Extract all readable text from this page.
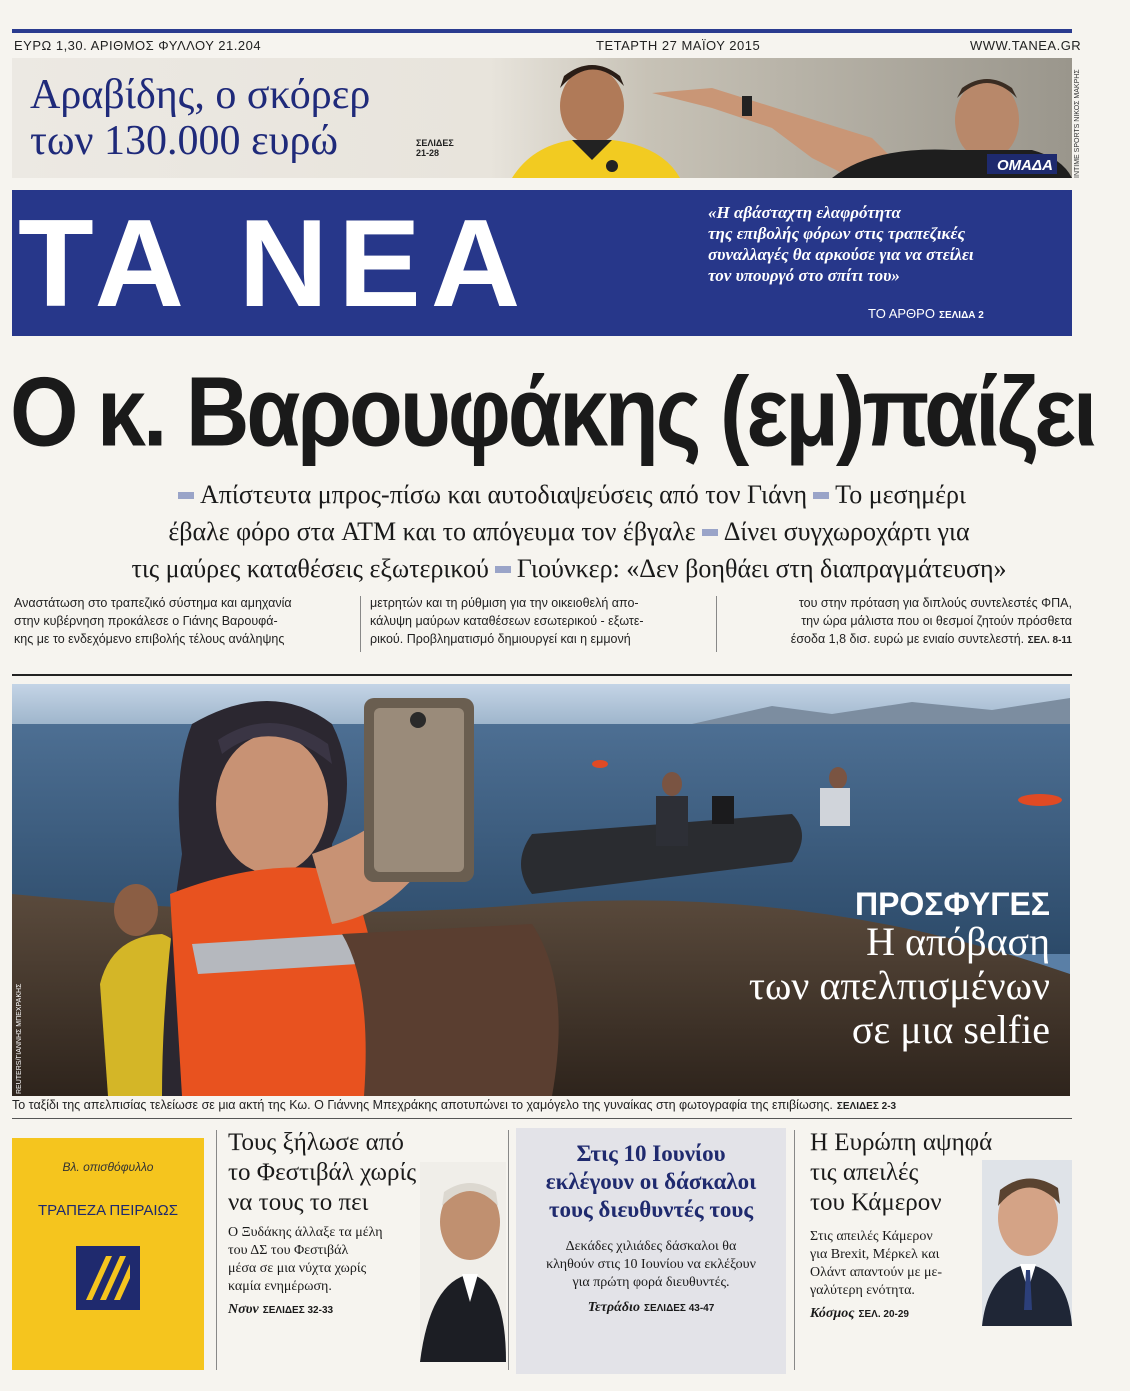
ΕΥΡΩ 1,30. ΑΡΙΘΜΟΣ ΦΥΛΛΟΥ 21.204	ΤΕΤΑΡΤΗ 27 ΜΑΪΟΥ 2015	WWW.TANEA.GR
ΟΜΑΔΑ
Αραβίδης, ο σκόρερ
των 130.000 ευρώ	ΣΕΛΙΔΕΣ
21-28	INTIME SPORTS ΝΙΚΟΣ ΜΑΚΡΗΣ
ΤΑ ΝΕΑ	«Η αβάσταχτη ελαφρότητα
της επιβολής φόρων στις τραπεζικές
συναλλαγές θα αρκούσε για να στείλει
τον υπουργό στο σπίτι του»
ΤΟ ΑΡΘΡΟ ΣΕΛΙΔΑ 2
Ο κ. Βαρουφάκης (εμ)παίζει
Απίστευτα μπρος-πίσω και αυτοδιαψεύσεις από τον Γιάνη Το μεσημέρι
έβαλε φόρο στα ATM και το απόγευμα τον έβγαλε Δίνει συγχωροχάρτι για
τις μαύρες καταθέσεις εξωτερικού Γιούνκερ: «Δεν βοηθάει στη διαπραγμάτευση»
Αναστάτωση στο τραπεζικό σύστημα και αμηχανία
στην κυβέρνηση προκάλεσε ο Γιάνης Βαρουφά-
κης με το ενδεχόμενο επιβολής τέλους ανάληψης
μετρητών και τη ρύθμιση για την οικειοθελή απο-
κάλυψη μαύρων καταθέσεων εσωτερικού - εξωτε-
ρικού. Προβληματισμό δημιουργεί και η εμμονή
του στην πρόταση για διπλούς συντελεστές ΦΠΑ,
την ώρα μάλιστα που οι θεσμοί ζητούν πρόσθετα
έσοδα 1,8 δισ. ευρώ με ενιαίο συντελεστή. ΣΕΛ. 8-11
ΠΡΟΣΦΥΓΕΣ
Η απόβαση
των απελπισμένων
σε μια selfie
REUTERS/ΓΙΑΝΝΗΣ ΜΠΕΧΡΑΚΗΣ
Το ταξίδι της απελπισίας τελείωσε σε μια ακτή της Κω. Ο Γιάννης Μπεχράκης αποτυπώνει το χαμόγελο της γυναίκας στη φωτογραφία της επιβίωσης. ΣΕΛΙΔΕΣ 2-3
Βλ. οπισθόφυλλο
ΤΡΑΠΕΖΑ ΠΕΙΡΑΙΩΣ
Τους ξήλωσε από
το Φεστιβάλ χωρίς
να τους το πει
Ο Ξυδάκης άλλαξε τα μέλη
του ΔΣ του Φεστιβάλ
μέσα σε μια νύχτα χωρίς
καμία ενημέρωση.
Νσυν ΣΕΛΙΔΕΣ 32-33
Στις 10 Ιουνίου
εκλέγουν οι δάσκαλοι
τους διευθυντές τους
Δεκάδες χιλιάδες δάσκαλοι θα
κληθούν στις 10 Ιουνίου να εκλέξουν
για πρώτη φορά διευθυντές.
Τετράδιο ΣΕΛΙΔΕΣ 43-47
Η Ευρώπη αψηφά
τις απειλές
του Κάμερον
Στις απειλές Κάμερον
για Brexit, Μέρκελ και
Ολάντ απαντούν με με-
γαλύτερη ενότητα.
Κόσμος ΣΕΛ. 20-29
